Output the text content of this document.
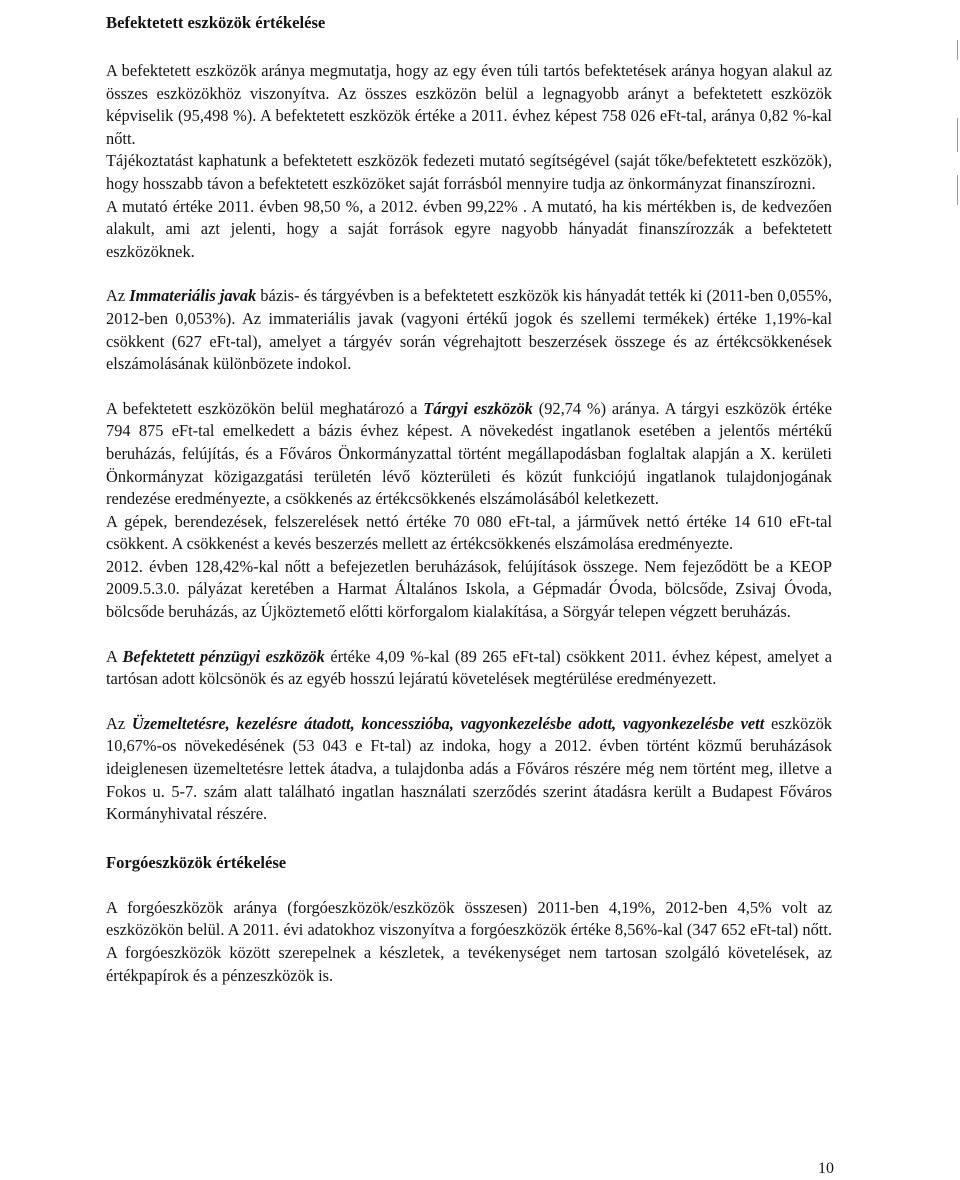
Befektetett eszközök értékelése

A befektetett eszközök aránya megmutatja, hogy az egy éven túli tartós befektetések aránya hogyan alakul az összes eszközökhöz viszonyítva. Az összes eszközön belül a legnagyobb arányt a befektetett eszközök képviselik (95,498 %). A befektetett eszközök értéke a 2011. évhez képest 758 026 eFt-tal, aránya 0,82 %-kal nőtt.

Tájékoztatást kaphatunk a befektetett eszközök fedezeti mutató segítségével (saját tőke/befektetett eszközök), hogy hosszabb távon a befektetett eszközöket saját forrásból mennyire tudja az önkormányzat finanszírozni.

A mutató értéke 2011. évben 98,50 %, a 2012. évben 99,22% . A mutató, ha kis mértékben is, de kedvezően alakult, ami azt jelenti, hogy a saját források egyre nagyobb hányadát finanszírozzák a befektetett eszközöknek.

Az Immateriális javak bázis- és tárgyévben is a befektetett eszközök kis hányadát tették ki (2011-ben 0,055%, 2012-ben 0,053%). Az immateriális javak (vagyoni értékű jogok és szellemi termékek) értéke 1,19%-kal csökkent (627 eFt-tal), amelyet a tárgyév során végrehajtott beszerzések összege és az értékcsökkenések elszámolásának különbözete indokol.

A befektetett eszközökön belül meghatározó a Tárgyi eszközök (92,74 %) aránya. A tárgyi eszközök értéke 794 875 eFt-tal emelkedett a bázis évhez képest. A növekedést ingatlanok esetében a jelentős mértékű beruházás, felújítás, és a Főváros Önkormányzattal történt megállapodásban foglaltak alapján a X. kerületi Önkormányzat közigazgatási területén lévő közterületi és közút funkciójú ingatlanok tulajdonjogának rendezése eredményezte, a csökkenés az értékcsökkenés elszámolásából keletkezett.

A gépek, berendezések, felszerelések nettó értéke 70 080 eFt-tal, a járművek nettó értéke 14 610 eFt-tal csökkent. A csökkenést a kevés beszerzés mellett az értékcsökkenés elszámolása eredményezte.

2012. évben 128,42%-kal nőtt a befejezetlen beruházások, felújítások összege. Nem fejeződött be a KEOP 2009.5.3.0. pályázat keretében a Harmat Általános Iskola, a Gépmadár Óvoda, bölcsőde, Zsivaj Óvoda, bölcsőde beruházás, az Újköztemető előtti körforgalom kialakítása, a Sörgyár telepen végzett beruházás.

A Befektetett pénzügyi eszközök értéke 4,09 %-kal (89 265 eFt-tal) csökkent 2011. évhez képest, amelyet a tartósan adott kölcsönök és az egyéb hosszú lejáratú követelések megtérülése eredményezett.

Az Üzemeltetésre, kezelésre átadott, koncesszióba, vagyonkezelésbe adott, vagyonkezelésbe vett eszközök 10,67%-os növekedésének (53 043 e Ft-tal) az indoka, hogy a 2012. évben történt közmű beruházások ideiglenesen üzemeltetésre lettek átadva, a tulajdonba adás a Főváros részére még nem történt meg, illetve a Fokos u. 5-7. szám alatt található ingatlan használati szerződés szerint átadásra került a Budapest Főváros Kormányhivatal részére.

Forgóeszközök értékelése

A forgóeszközök aránya (forgóeszközök/eszközök összesen) 2011-ben 4,19%, 2012-ben 4,5% volt az eszközökön belül. A 2011. évi adatokhoz viszonyítva a forgóeszközök értéke 8,56%-kal (347 652 eFt-tal) nőtt. A forgóeszközök között szerepelnek a készletek, a tevékenységet nem tartosan szolgáló követelések, az értékpapírok és a pénzeszközök is.

10
